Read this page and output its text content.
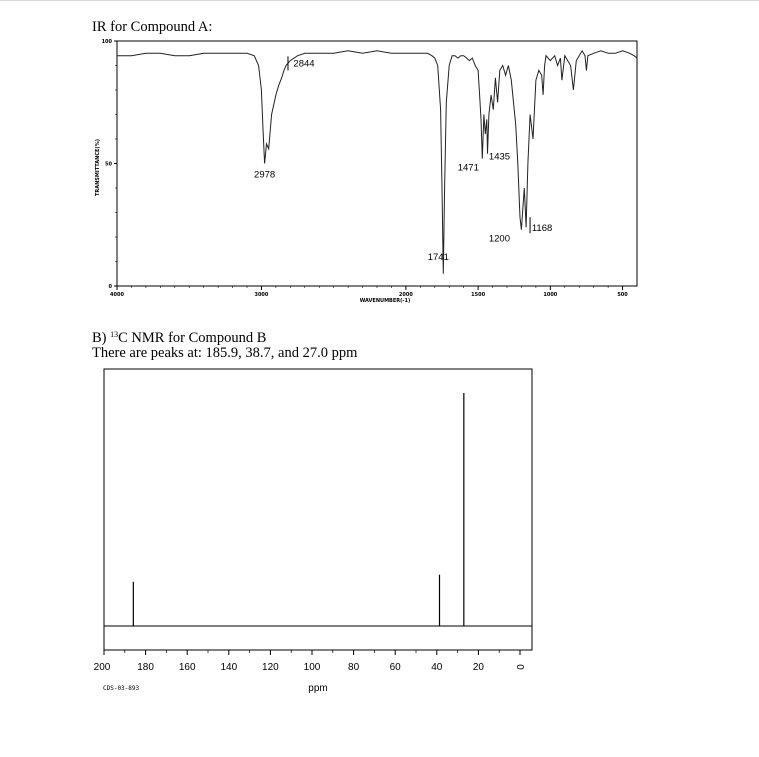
IR for Compound A:
B) $^{13}$C NMR for Compound B
There are peaks at: 185.9, 38.7, and 27.0 ppm
4000	3000	2000	1500	1000	500
0
50
100
WAVENUMBER(-1)
TRANSMITTANCE(%)	2978
2844
1741
1471
1435
1200
1168
200	180 160 140 120 100	80	60	40	20	0
ppm
CDS-03-893
